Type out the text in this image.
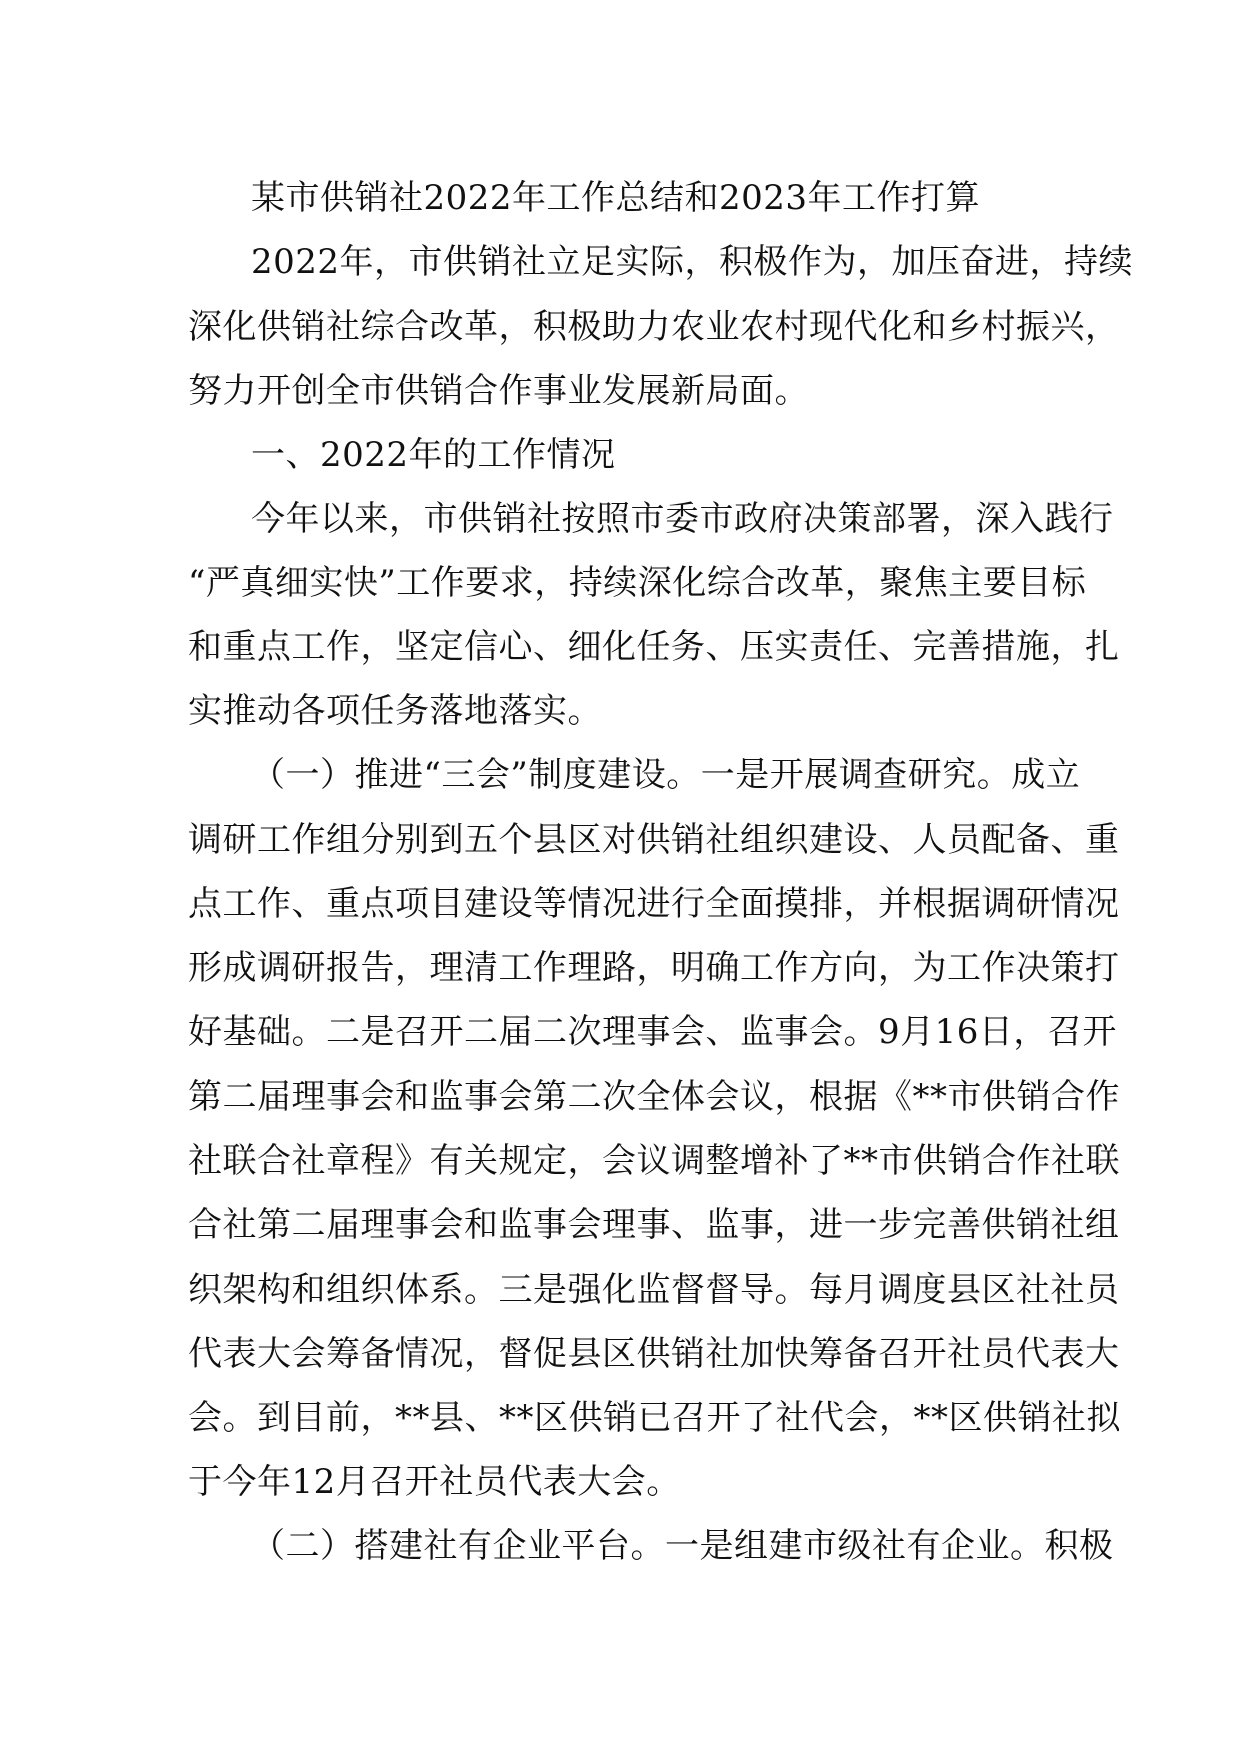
某市供销社2022年工作总结和2023年工作打算
2022年，市供销社立足实际，积极作为，加压奋进，持续
深化供销社综合改革，积极助力农业农村现代化和乡村振兴，
努力开创全市供销合作事业发展新局面。
一、2022年的工作情况
今年以来，市供销社按照市委市政府决策部署，深入践行
“严真细实快”工作要求，持续深化综合改革，聚焦主要目标
和重点工作，坚定信心、细化任务、压实责任、完善措施，扎
实推动各项任务落地落实。
（一）推进“三会”制度建设。一是开展调查研究。成立
调研工作组分别到五个县区对供销社组织建设、人员配备、重
点工作、重点项目建设等情况进行全面摸排，并根据调研情况
形成调研报告，理清工作理路，明确工作方向，为工作决策打
好基础。二是召开二届二次理事会、监事会。9月16日，召开
第二届理事会和监事会第二次全体会议，根据《**市供销合作
社联合社章程》有关规定，会议调整增补了**市供销合作社联
合社第二届理事会和监事会理事、监事，进一步完善供销社组
织架构和组织体系。三是强化监督督导。每月调度县区社社员
代表大会筹备情况，督促县区供销社加快筹备召开社员代表大
会。到目前，**县、**区供销已召开了社代会，**区供销社拟
于今年12月召开社员代表大会。
（二）搭建社有企业平台。一是组建市级社有企业。积极
